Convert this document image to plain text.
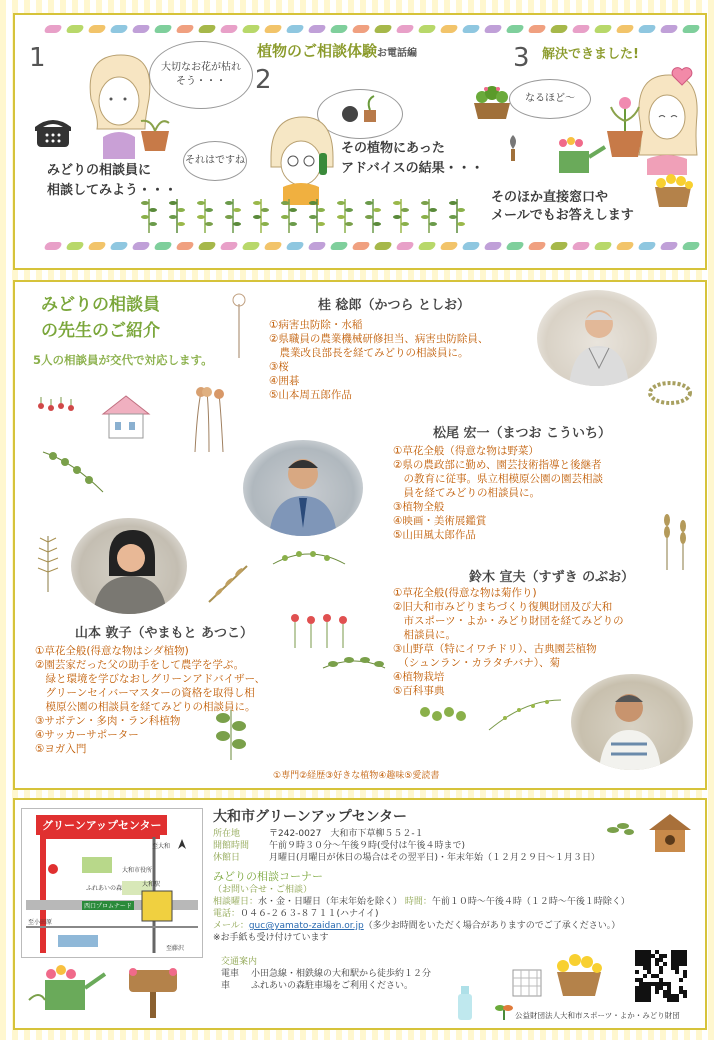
1
2
3
植物のご相談体験お電話編	解決できました!
大切なお花が枯れ
そう・・・
それはですね
なるほど～
みどりの相談員に
相談してみよう・・・
その植物にあった
アドバイスの結果・・・
そのほか直接窓口や
メールでもお答えします
みどりの相談員
の先生のご紹介
5人の相談員が交代で対応します。
桂 稔郎（かつら としお）
①病害虫防除・水稲
②県職員の農業機械研修担当、病害虫防除員、
　農業改良部長を経てみどりの相談員に。
③桜
④囲碁
⑤山本周五郎作品
松尾 宏一（まつお こういち）
①草花全般（得意な物は野菜）
②県の農政部に勤め、園芸技術指導と後継者
　の教育に従事。県立相模原公園の園芸相談
　員を経てみどりの相談員に。
③植物全般
④映画・美術展鑑賞
⑤山田風太郎作品
鈴木 宣夫（すずき のぶお）
①草花全般(得意な物は菊作り)
②旧大和市みどりまちづくり復興財団及び大和
　市スポーツ・よか・みどり財団を経てみどりの
　相談員に。
③山野草（特にイワチドリ）、古典園芸植物
　（シュンラン・カラタチバナ）、菊
④植物栽培
⑤百科事典
山本 敦子（やまもと あつこ）
①草花全般(得意な物はシダ植物)
②園芸家だった父の助手をして農学を学ぶ。
　緑と環境を学びなおしグリーンアドバイザー、
　グリーンセイバーマスターの資格を取得し相
　模原公園の相談員を経てみどりの相談員に。
③サボテン・多肉・ラン科植物
④サッカーサポーター
⑤ヨガ入門
①専門②経歴③好きな植物④趣味⑤愛読書
グリーンアップセンター
ふれあいの森
大和駅
大和市役所
西口プロムナード
至藤沢
至小田原
至大和
大和市グリーンアップセンター
所在地	〒242-0027　大和市下草柳５５２-１
開館時間 午前９時３０分～午後９時(受付は午後４時まで)
休館日	月曜日(月曜日が休日の場合はその翌平日)・年末年始（１２月２９日～１月３日）
みどりの相談コーナー
（お問い合せ・ご相談）
相談曜日：水・金・日曜日（年末年始を除く） 時間：午前１０時～午後４時（１２時～午後１時除く）
電話：０４６-２６３-８７１１(ハナイイ)
メール：guc@yamato-zaidan.or.jp（多少お時間をいただく場合がありますのでご了承ください。）
※お手紙も受け付けています
交通案内
電車 小田急線・相鉄線の大和駅から徒歩約１２分
車 ふれあいの森駐車場をご利用ください。
公益財団法人大和市スポーツ・よか・みどり財団
